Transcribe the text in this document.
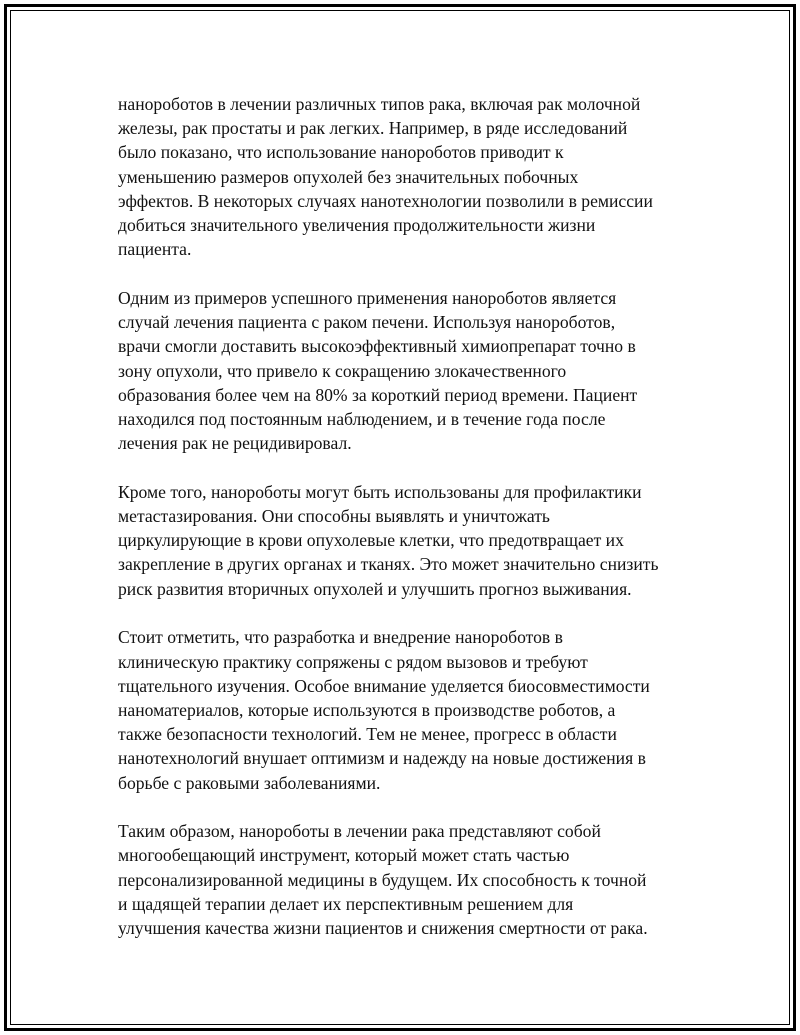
нанороботов в лечении различных типов рака, включая рак молочной
железы, рак простаты и рак легких. Например, в ряде исследований
было показано, что использование нанороботов приводит к
уменьшению размеров опухолей без значительных побочных
эффектов. В некоторых случаях нанотехнологии позволили в ремиссии
добиться значительного увеличения продолжительности жизни
пациента.

Одним из примеров успешного применения нанороботов является
случай лечения пациента с раком печени. Используя нанороботов,
врачи смогли доставить высокоэффективный химиопрепарат точно в
зону опухоли, что привело к сокращению злокачественного
образования более чем на 80% за короткий период времени. Пациент
находился под постоянным наблюдением, и в течение года после
лечения рак не рецидивировал.

Кроме того, нанороботы могут быть использованы для профилактики
метастазирования. Они способны выявлять и уничтожать
циркулирующие в крови опухолевые клетки, что предотвращает их
закрепление в других органах и тканях. Это может значительно снизить
риск развития вторичных опухолей и улучшить прогноз выживания.

Стоит отметить, что разработка и внедрение нанороботов в
клиническую практику сопряжены с рядом вызовов и требуют
тщательного изучения. Особое внимание уделяется биосовместимости
наноматериалов, которые используются в производстве роботов, а
также безопасности технологий. Тем не менее, прогресс в области
нанотехнологий внушает оптимизм и надежду на новые достижения в
борьбе с раковыми заболеваниями.

Таким образом, нанороботы в лечении рака представляют собой
многообещающий инструмент, который может стать частью
персонализированной медицины в будущем. Их способность к точной
и щадящей терапии делает их перспективным решением для
улучшения качества жизни пациентов и снижения смертности от рака.
